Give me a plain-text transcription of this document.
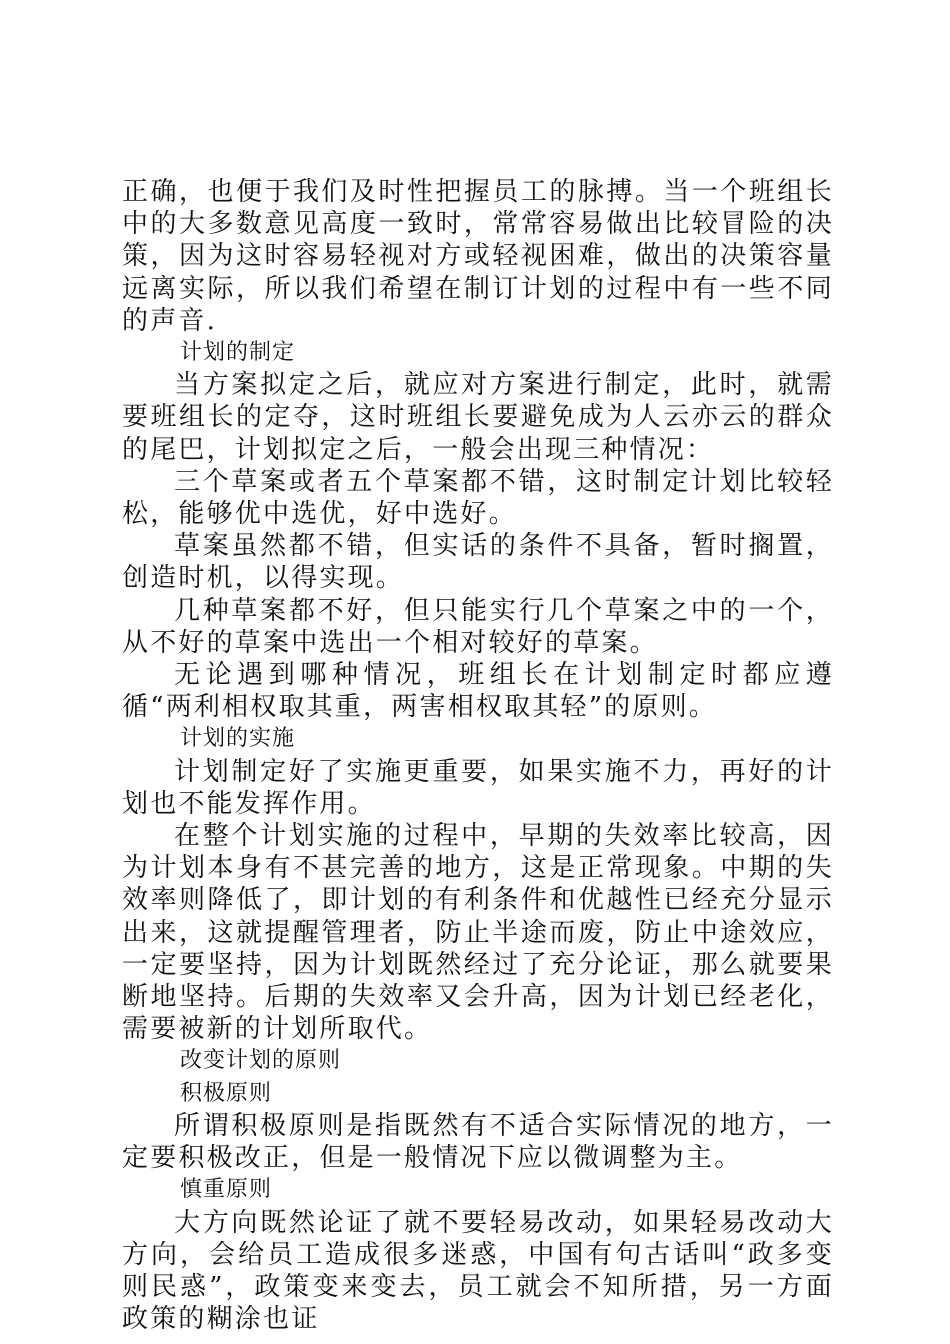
正确，也便于我们及时性把握员工的脉搏。当一个班组长中的大多数意见高度一致时，常常容易做出比较冒险的决策，因为这时容易轻视对方或轻视困难，做出的决策容量远离实际，所以我们希望在制订计划的过程中有一些不同的声音.

计划的制定

当方案拟定之后，就应对方案进行制定，此时，就需要班组长的定夺，这时班组长要避免成为人云亦云的群众的尾巴，计划拟定之后，一般会出现三种情况：

三个草案或者五个草案都不错，这时制定计划比较轻松，能够优中选优，好中选好。

草案虽然都不错，但实话的条件不具备，暂时搁置，创造时机，以得实现。

几种草案都不好，但只能实行几个草案之中的一个，从不好的草案中选出一个相对较好的草案。

无论遇到哪种情况，班组长在计划制定时都应遵循“两利相权取其重，两害相权取其轻”的原则。

计划的实施

计划制定好了实施更重要，如果实施不力，再好的计划也不能发挥作用。

在整个计划实施的过程中，早期的失效率比较高，因为计划本身有不甚完善的地方，这是正常现象。中期的失效率则降低了，即计划的有利条件和优越性已经充分显示出来，这就提醒管理者，防止半途而废，防止中途效应，一定要坚持，因为计划既然经过了充分论证，那么就要果断地坚持。后期的失效率又会升高，因为计划已经老化，需要被新的计划所取代。

改变计划的原则

积极原则

所谓积极原则是指既然有不适合实际情况的地方，一定要积极改正，但是一般情况下应以微调整为主。

慎重原则

大方向既然论证了就不要轻易改动，如果轻易改动大方向，会给员工造成很多迷惑，中国有句古话叫“政多变则民惑”，政策变来变去，员工就会不知所措，另一方面政策的糊涂也证
